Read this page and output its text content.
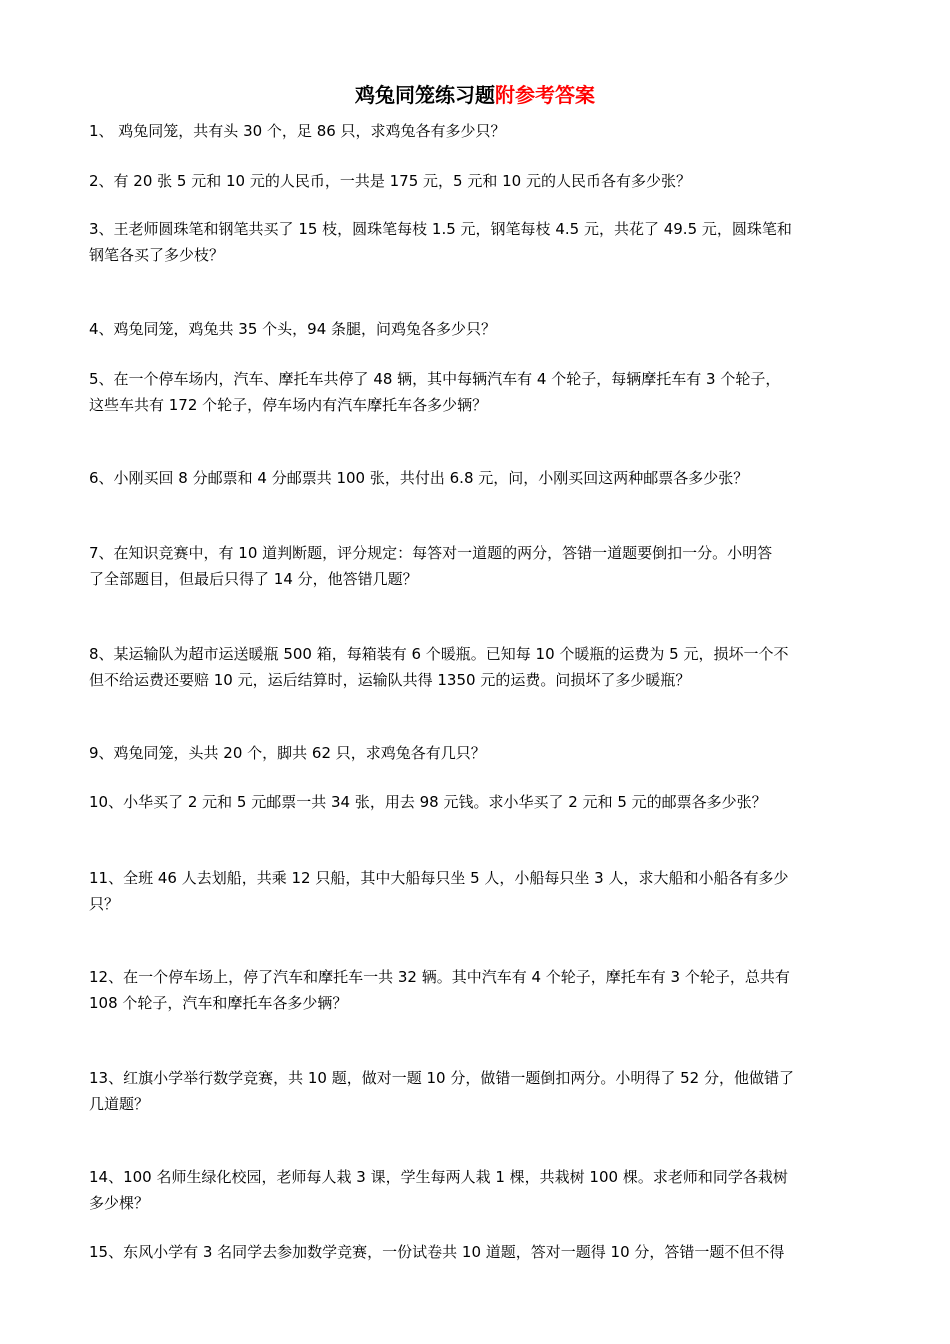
鸡兔同笼练习题附参考答案
1、 鸡兔同笼，共有头 30 个，足 86 只，求鸡兔各有多少只？
2、有 20 张 5 元和 10 元的人民币，一共是 175 元，5 元和 10 元的人民币各有多少张？
3、王老师圆珠笔和钢笔共买了 15 枝，圆珠笔每枝 1.5 元，钢笔每枝 4.5 元，共花了 49.5 元，圆珠笔和
钢笔各买了多少枝？
4、鸡兔同笼，鸡兔共 35 个头，94 条腿，问鸡兔各多少只？
5、在一个停车场内，汽车、摩托车共停了 48 辆，其中每辆汽车有 4 个轮子，每辆摩托车有 3 个轮子，
这些车共有 172 个轮子，停车场内有汽车摩托车各多少辆？
6、小刚买回 8 分邮票和 4 分邮票共 100 张，共付出 6.8 元，问，小刚买回这两种邮票各多少张？
7、在知识竞赛中，有 10 道判断题，评分规定：每答对一道题的两分，答错一道题要倒扣一分。小明答
了全部题目，但最后只得了 14 分，他答错几题？
8、某运输队为超市运送暖瓶 500 箱，每箱装有 6 个暖瓶。已知每 10 个暖瓶的运费为 5 元，损坏一个不
但不给运费还要赔 10 元，运后结算时，运输队共得 1350 元的运费。问损坏了多少暖瓶？
9、鸡兔同笼，头共 20 个，脚共 62 只，求鸡兔各有几只？
10、小华买了 2 元和 5 元邮票一共 34 张，用去 98 元钱。求小华买了 2 元和 5 元的邮票各多少张？
11、全班 46 人去划船，共乘 12 只船，其中大船每只坐 5 人，小船每只坐 3 人，求大船和小船各有多少
只？
12、在一个停车场上，停了汽车和摩托车一共 32 辆。其中汽车有 4 个轮子，摩托车有 3 个轮子，总共有
108 个轮子，汽车和摩托车各多少辆？
13、红旗小学举行数学竞赛，共 10 题，做对一题 10 分，做错一题倒扣两分。小明得了 52 分，他做错了
几道题？
14、100 名师生绿化校园，老师每人栽 3 课，学生每两人栽 1 棵，共栽树 100 棵。求老师和同学各栽树
多少棵？
15、东风小学有 3 名同学去参加数学竞赛，一份试卷共 10 道题，答对一题得 10 分，答错一题不但不得
